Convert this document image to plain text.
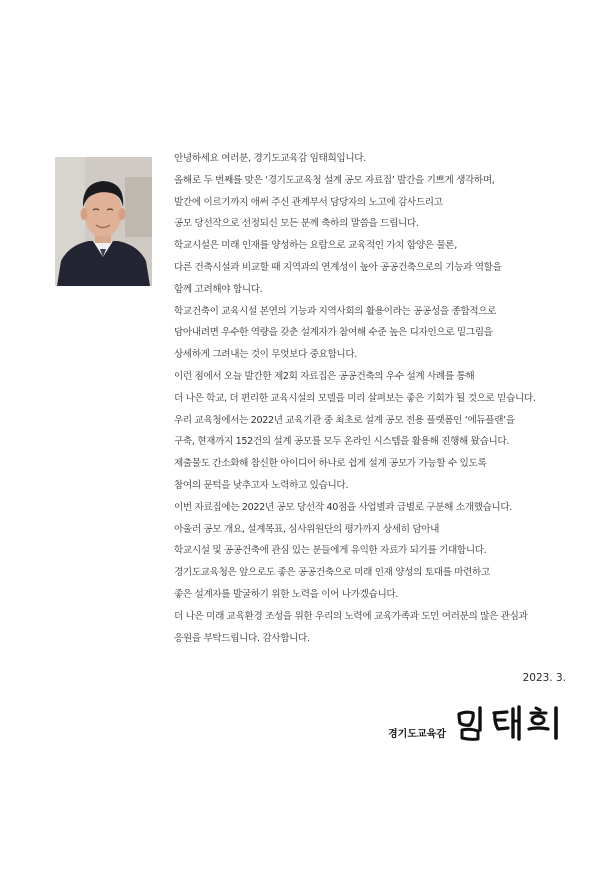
안녕하세요 여러분, 경기도교육감 임태희입니다.
올해로 두 번째를 맞은 ‘경기도교육청 설계 공모 자료집’ 발간을 기쁘게 생각하며,
발간에 이르기까지 애써 주신 관계부서 담당자의 노고에 감사드리고
공모 당선작으로 선정되신 모든 분께 축하의 말씀을 드립니다.
학교시설은 미래 인재를 양성하는 요람으로 교육적인 가치 함양은 물론,
다른 건축시설과 비교할 때 지역과의 연계성이 높아 공공건축으로의 기능과 역할을
함께 고려해야 합니다.
학교건축이 교육시설 본연의 기능과 지역사회의 활용이라는 공공성을 종합적으로
담아내려면 우수한 역량을 갖춘 설계자가 참여해 수준 높은 디자인으로 밑그림을
상세하게 그려내는 것이 무엇보다 중요합니다.
이런 점에서 오늘 발간한 제2회 자료집은 공공건축의 우수 설계 사례를 통해
더 나은 학교, 더 편리한 교육시설의 모델을 미리 살펴보는 좋은 기회가 될 것으로 믿습니다.
우리 교육청에서는 2022년 교육기관 중 최초로 설계 공모 전용 플랫폼인 ‘에듀플랜’을
구축, 현재까지 152건의 설계 공모를 모두 온라인 시스템을 활용해 진행해 왔습니다.
제출물도 간소화해 참신한 아이디어 하나로 쉽게 설계 공모가 가능할 수 있도록
참여의 문턱을 낮추고자 노력하고 있습니다.
이번 자료집에는 2022년 공모 당선작 40점을 사업별과 급별로 구분해 소개했습니다.
아울러 공모 개요, 설계목표, 심사위원단의 평가까지 상세히 담아내
학교시설 및 공공건축에 관심 있는 분들에게 유익한 자료가 되기를 기대합니다.
경기도교육청은 앞으로도 좋은 공공건축으로 미래 인재 양성의 토대를 마련하고
좋은 설계자를 발굴하기 위한 노력을 이어 나가겠습니다.
더 나은 미래 교육환경 조성을 위한 우리의 노력에 교육가족과 도민 여러분의 많은 관심과
응원을 부탁드립니다. 감사합니다.
2023. 3.
경기도교육감
